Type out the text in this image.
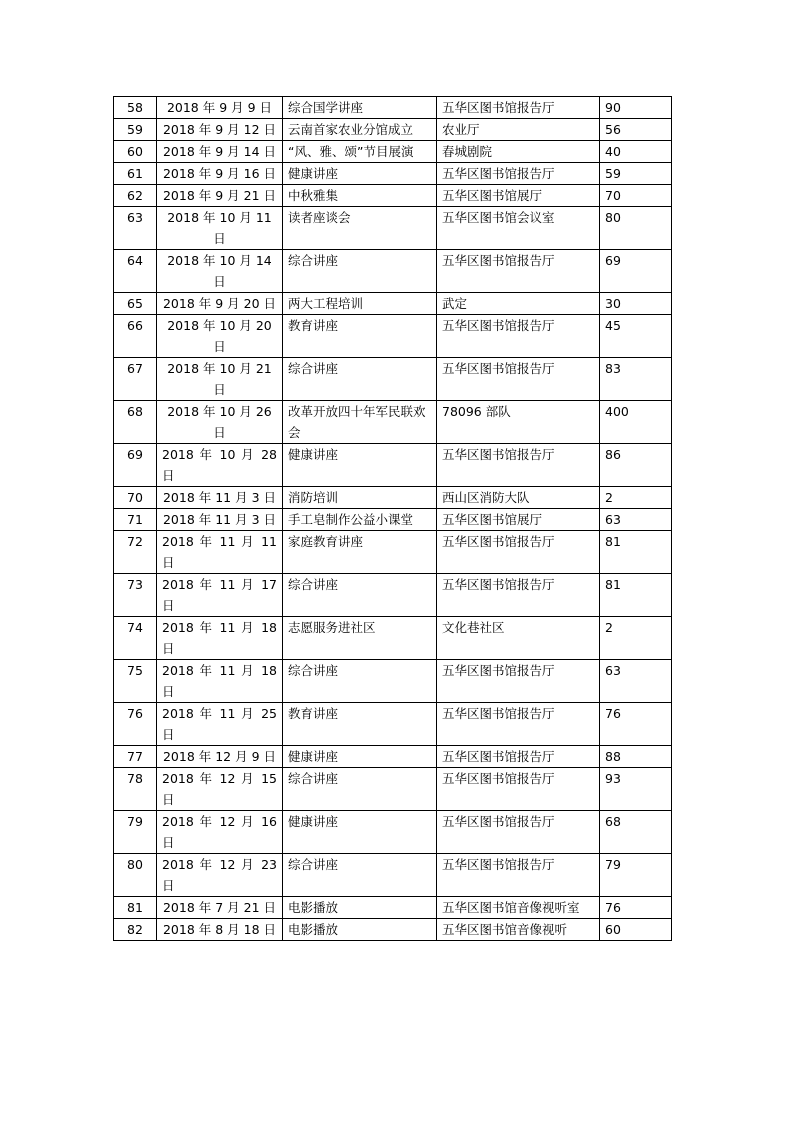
58	2018 年 9 月 9 日	综合国学讲座	五华区图书馆报告厅	90
59	2018 年 9 月 12 日	云南首家农业分馆成立	农业厅	56
60	2018 年 9 月 14 日	“风、雅、颂”节目展演	春城剧院	40
61	2018 年 9 月 16 日	健康讲座	五华区图书馆报告厅	59
62	2018 年 9 月 21 日	中秋雅集	五华区图书馆展厅	70
63	2018 年 10 月 11 日	读者座谈会	五华区图书馆会议室	80
64	2018 年 10 月 14 日	综合讲座	五华区图书馆报告厅	69
65	2018 年 9 月 20 日	两大工程培训	武定	30
66	2018 年 10 月 20 日	教育讲座	五华区图书馆报告厅	45
67	2018 年 10 月 21 日	综合讲座	五华区图书馆报告厅	83
68	2018 年 10 月 26 日	改革开放四十年军民联欢会	78096 部队	400
69	2018 年 10 月 28 日	健康讲座	五华区图书馆报告厅	86
70	2018 年 11 月 3 日	消防培训	西山区消防大队	2
71	2018 年 11 月 3 日	手工皂制作公益小课堂	五华区图书馆展厅	63
72	2018 年 11 月 11 日	家庭教育讲座	五华区图书馆报告厅	81
73	2018 年 11 月 17 日	综合讲座	五华区图书馆报告厅	81
74	2018 年 11 月 18 日	志愿服务进社区	文化巷社区	2
75	2018 年 11 月 18 日	综合讲座	五华区图书馆报告厅	63
76	2018 年 11 月 25 日	教育讲座	五华区图书馆报告厅	76
77	2018 年 12 月 9 日	健康讲座	五华区图书馆报告厅	88
78	2018 年 12 月 15 日	综合讲座	五华区图书馆报告厅	93
79	2018 年 12 月 16 日	健康讲座	五华区图书馆报告厅	68
80	2018 年 12 月 23 日	综合讲座	五华区图书馆报告厅	79
81	2018 年 7 月 21 日	电影播放	五华区图书馆音像视听室	76
82	2018 年 8 月 18 日	电影播放	五华区图书馆音像视听	60
